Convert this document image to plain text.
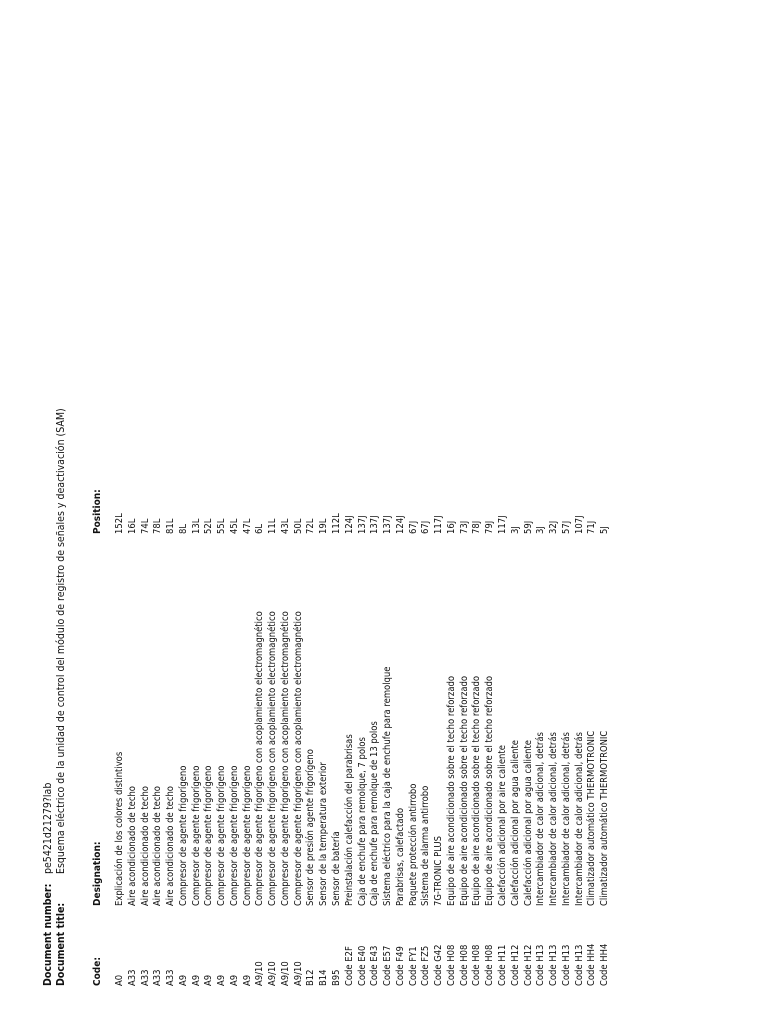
Document number:
pe5421d21279?lab
Document title:
Esquema eléctrico de la unidad de control del módulo de registro de señales y deactivación (SAM)
Code:
Designation:
Position:
A0
Explicación de los colores distintivos
152L
A33
Aire acondicionado de techo
16L
A33
Aire acondicionado de techo
74L
A33
Aire acondicionado de techo
78L
A33
Aire acondicionado de techo
81L
A9
Compresor de agente frigorígeno
8L
A9
Compresor de agente frigorígeno
13L
A9
Compresor de agente frigorígeno
52L
A9
Compresor de agente frigorígeno
55L
A9
Compresor de agente frigorígeno
45L
A9
Compresor de agente frigorígeno
47L
A9/10
Compresor de agente frigorígeno con acoplamiento electromagnético
6L
A9/10
Compresor de agente frigorígeno con acoplamiento electromagnético
11L
A9/10
Compresor de agente frigorígeno con acoplamiento electromagnético
43L
A9/10
Compresor de agente frigorígeno con acoplamiento electromagnético
50L
B12
Sensor de presión agente frigorígeno
72L
B14
Sensor de la temperatura exterior
19L
B95
Sensor de batería
112L
Code E2F
Preinstalación calefacción del parabrisas
124J
Code E40
Caja de enchufe para remolque, 7 polos
137J
Code E43
Caja de enchufe para remolque de 13 polos
137J
Code E57
Sistema eléctrico para la caja de enchufe para remolque
137J
Code F49
Parabrisas, calefactado
124J
Code FY1
Paquete protección antirrobo
67J
Code FZ5
Sistema de alarma antirrobo
67J
Code G42
7G-TRONIC PLUS
117J
Code H08
Equipo de aire acondicionado sobre el techo reforzado
16J
Code H08
Equipo de aire acondicionado sobre el techo reforzado
73J
Code H08
Equipo de aire acondicionado sobre el techo reforzado
78J
Code H08
Equipo de aire acondicionado sobre el techo reforzado
79J
Code H11
Calefacción adicional por aire caliente
117J
Code H12
Calefacción adicional por agua caliente
3J
Code H12
Calefacción adicional por agua caliente
59J
Code H13
Intercambiador de calor adicional, detrás
3J
Code H13
Intercambiador de calor adicional, detrás
32J
Code H13
Intercambiador de calor adicional, detrás
57J
Code H13
Intercambiador de calor adicional, detrás
107J
Code HH4
Climatizador automático THERMOTRONIC
71J
Code HH4
Climatizador automático THERMOTRONIC
5J
